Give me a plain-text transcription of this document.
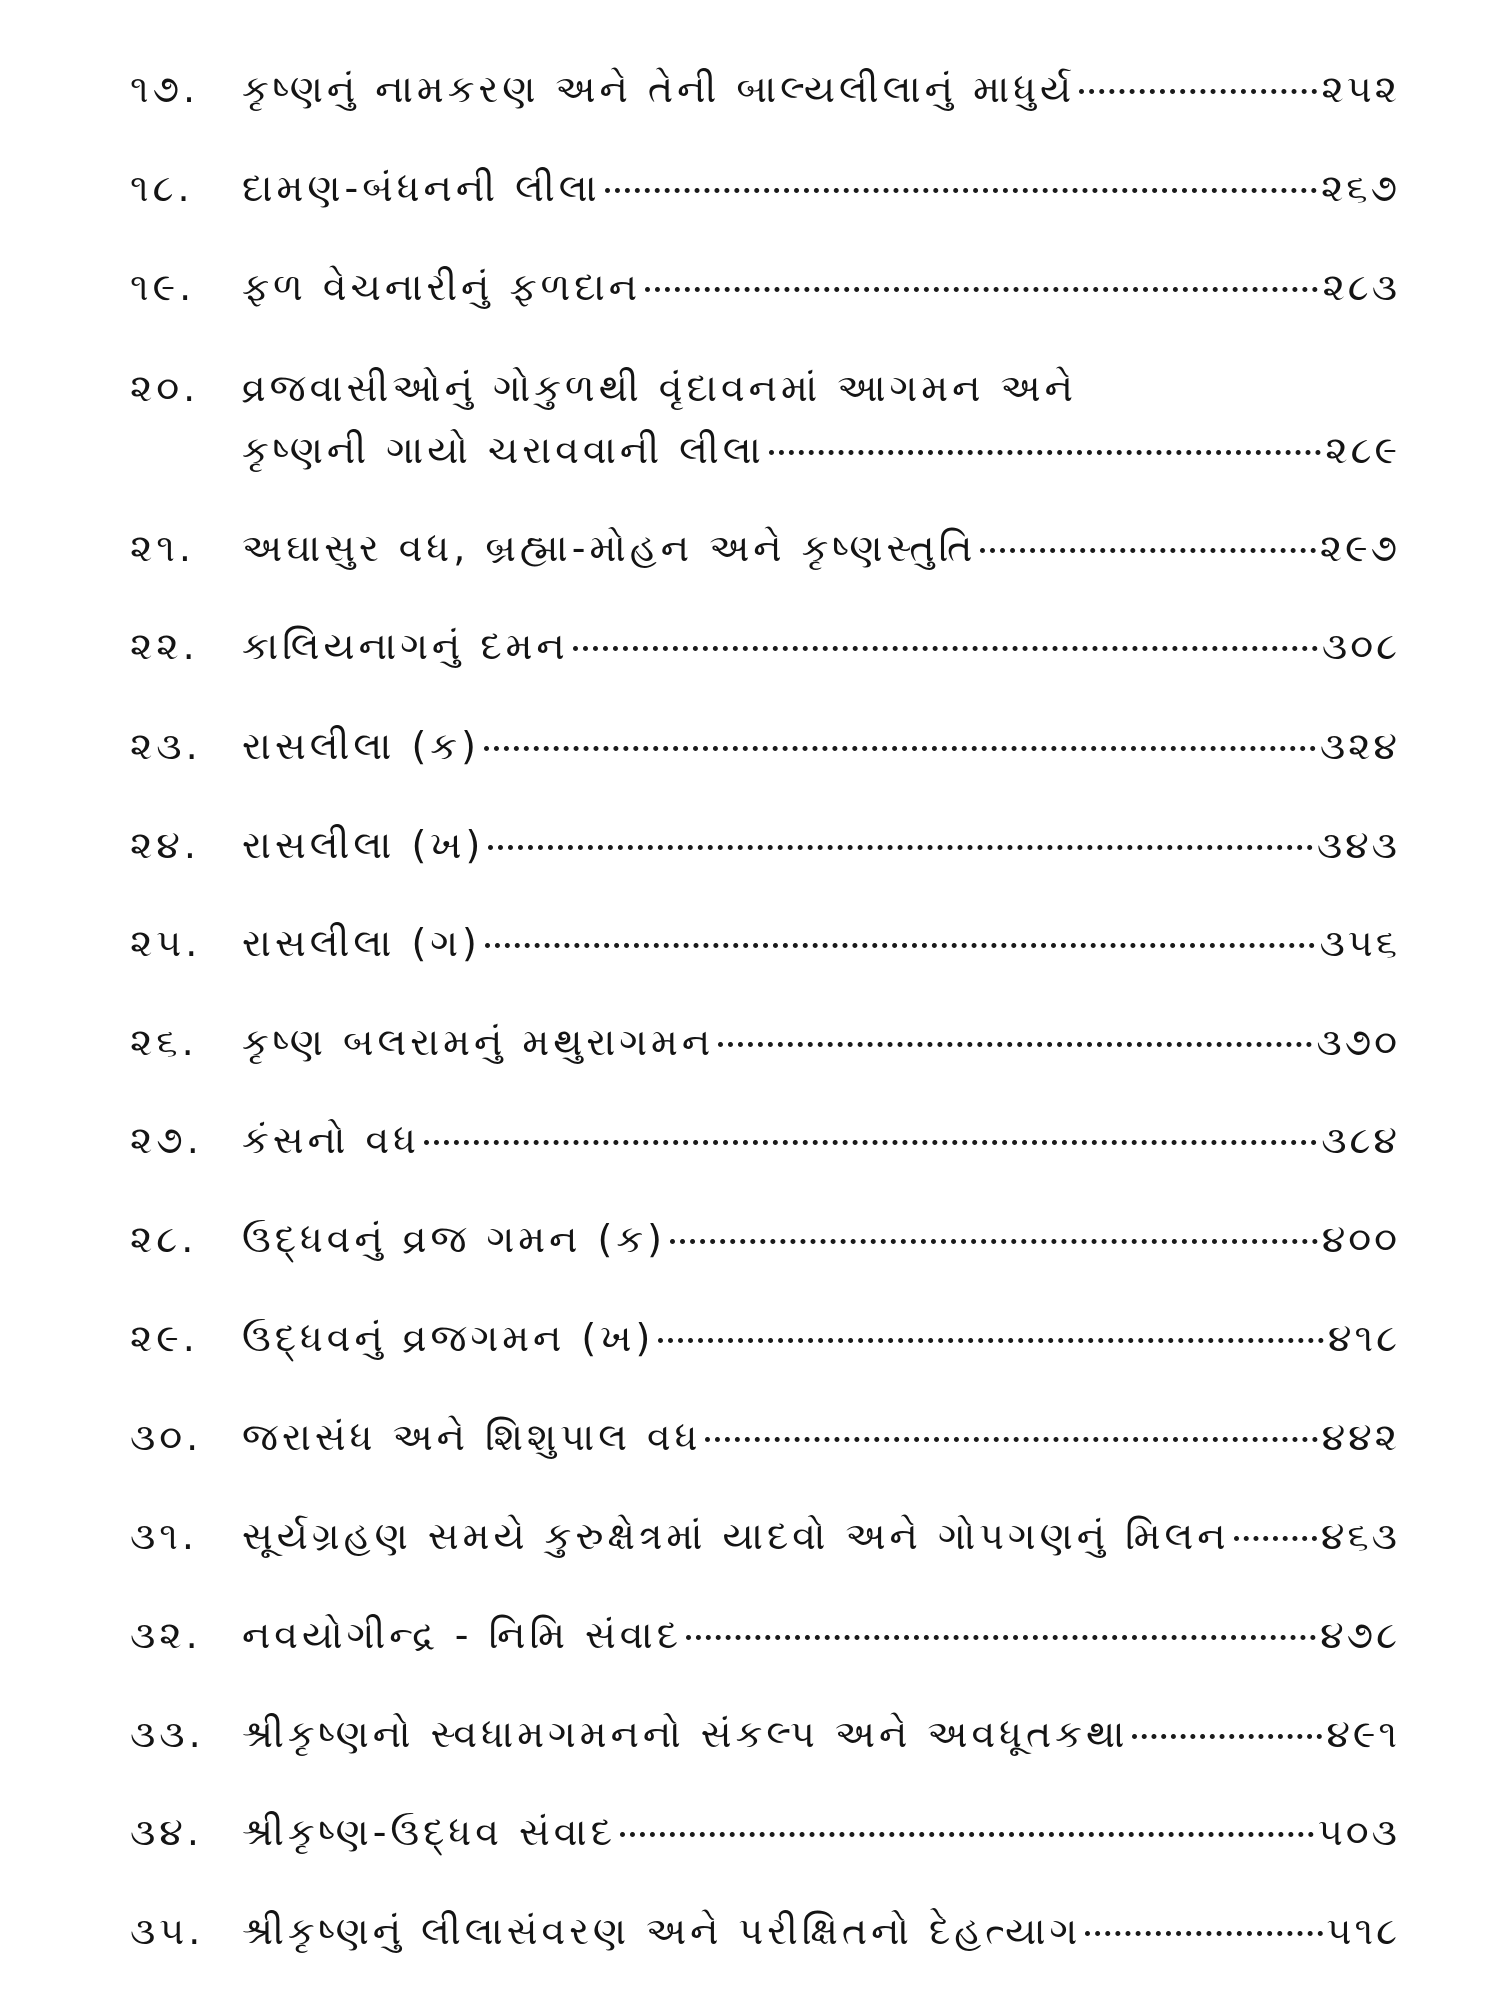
૧૭.	કૃષ્ણનું નામકરણ અને તેની બાલ્યલીલાનું માધુર્ય	૨૫૨
૧૮.	દામણ-બંધનની લીલા	૨૬૭
૧૯.	ફળ વેચનારીનું ફળદાન	૨૮૩
૨૦.	વ્રજવાસીઓનું ગોકુળથી વૃંદાવનમાં આગમન અને
કૃષ્ણની ગાયો ચરાવવાની લીલા	૨૮૯
૨૧.	અઘાસુર વધ, બ્રહ્મા-મોહન અને કૃષ્ણસ્તુતિ	૨૯૭
૨૨.	કાલિયનાગનું દમન	૩૦૮
૨૩.	રાસલીલા (ક)	૩૨૪
૨૪.	રાસલીલા (ખ)	૩૪૩
૨૫.	રાસલીલા (ગ)	૩૫૬
૨૬.	કૃષ્ણ બલરામનું મથુરાગમન	૩૭૦
૨૭.	કંસનો વધ	૩૮૪
૨૮.	ઉદ્ધવનું વ્રજ ગમન (ક)	૪૦૦
૨૯.	ઉદ્ધવનું વ્રજગમન (ખ)	૪૧૮
૩૦.	જરાસંધ અને શિશુપાલ વધ	૪૪૨
૩૧.	સૂર્યગ્રહણ સમયે કુરુક્ષેત્રમાં યાદવો અને ગોપગણનું મિલન ૪૬૩
૩૨.	નવયોગીન્દ્ર - નિમિ સંવાદ	૪૭૮
૩૩. શ્રીકૃષ્ણનો સ્વધામગમનનો સંકલ્પ અને અવધૂતકથા	૪૯૧
૩૪.	શ્રીકૃષ્ણ-ઉદ્ધવ સંવાદ	૫૦૩
૩૫. શ્રીકૃષ્ણનું લીલાસંવરણ અને પરીક્ષિતનો દેહત્યાગ	૫૧૮
